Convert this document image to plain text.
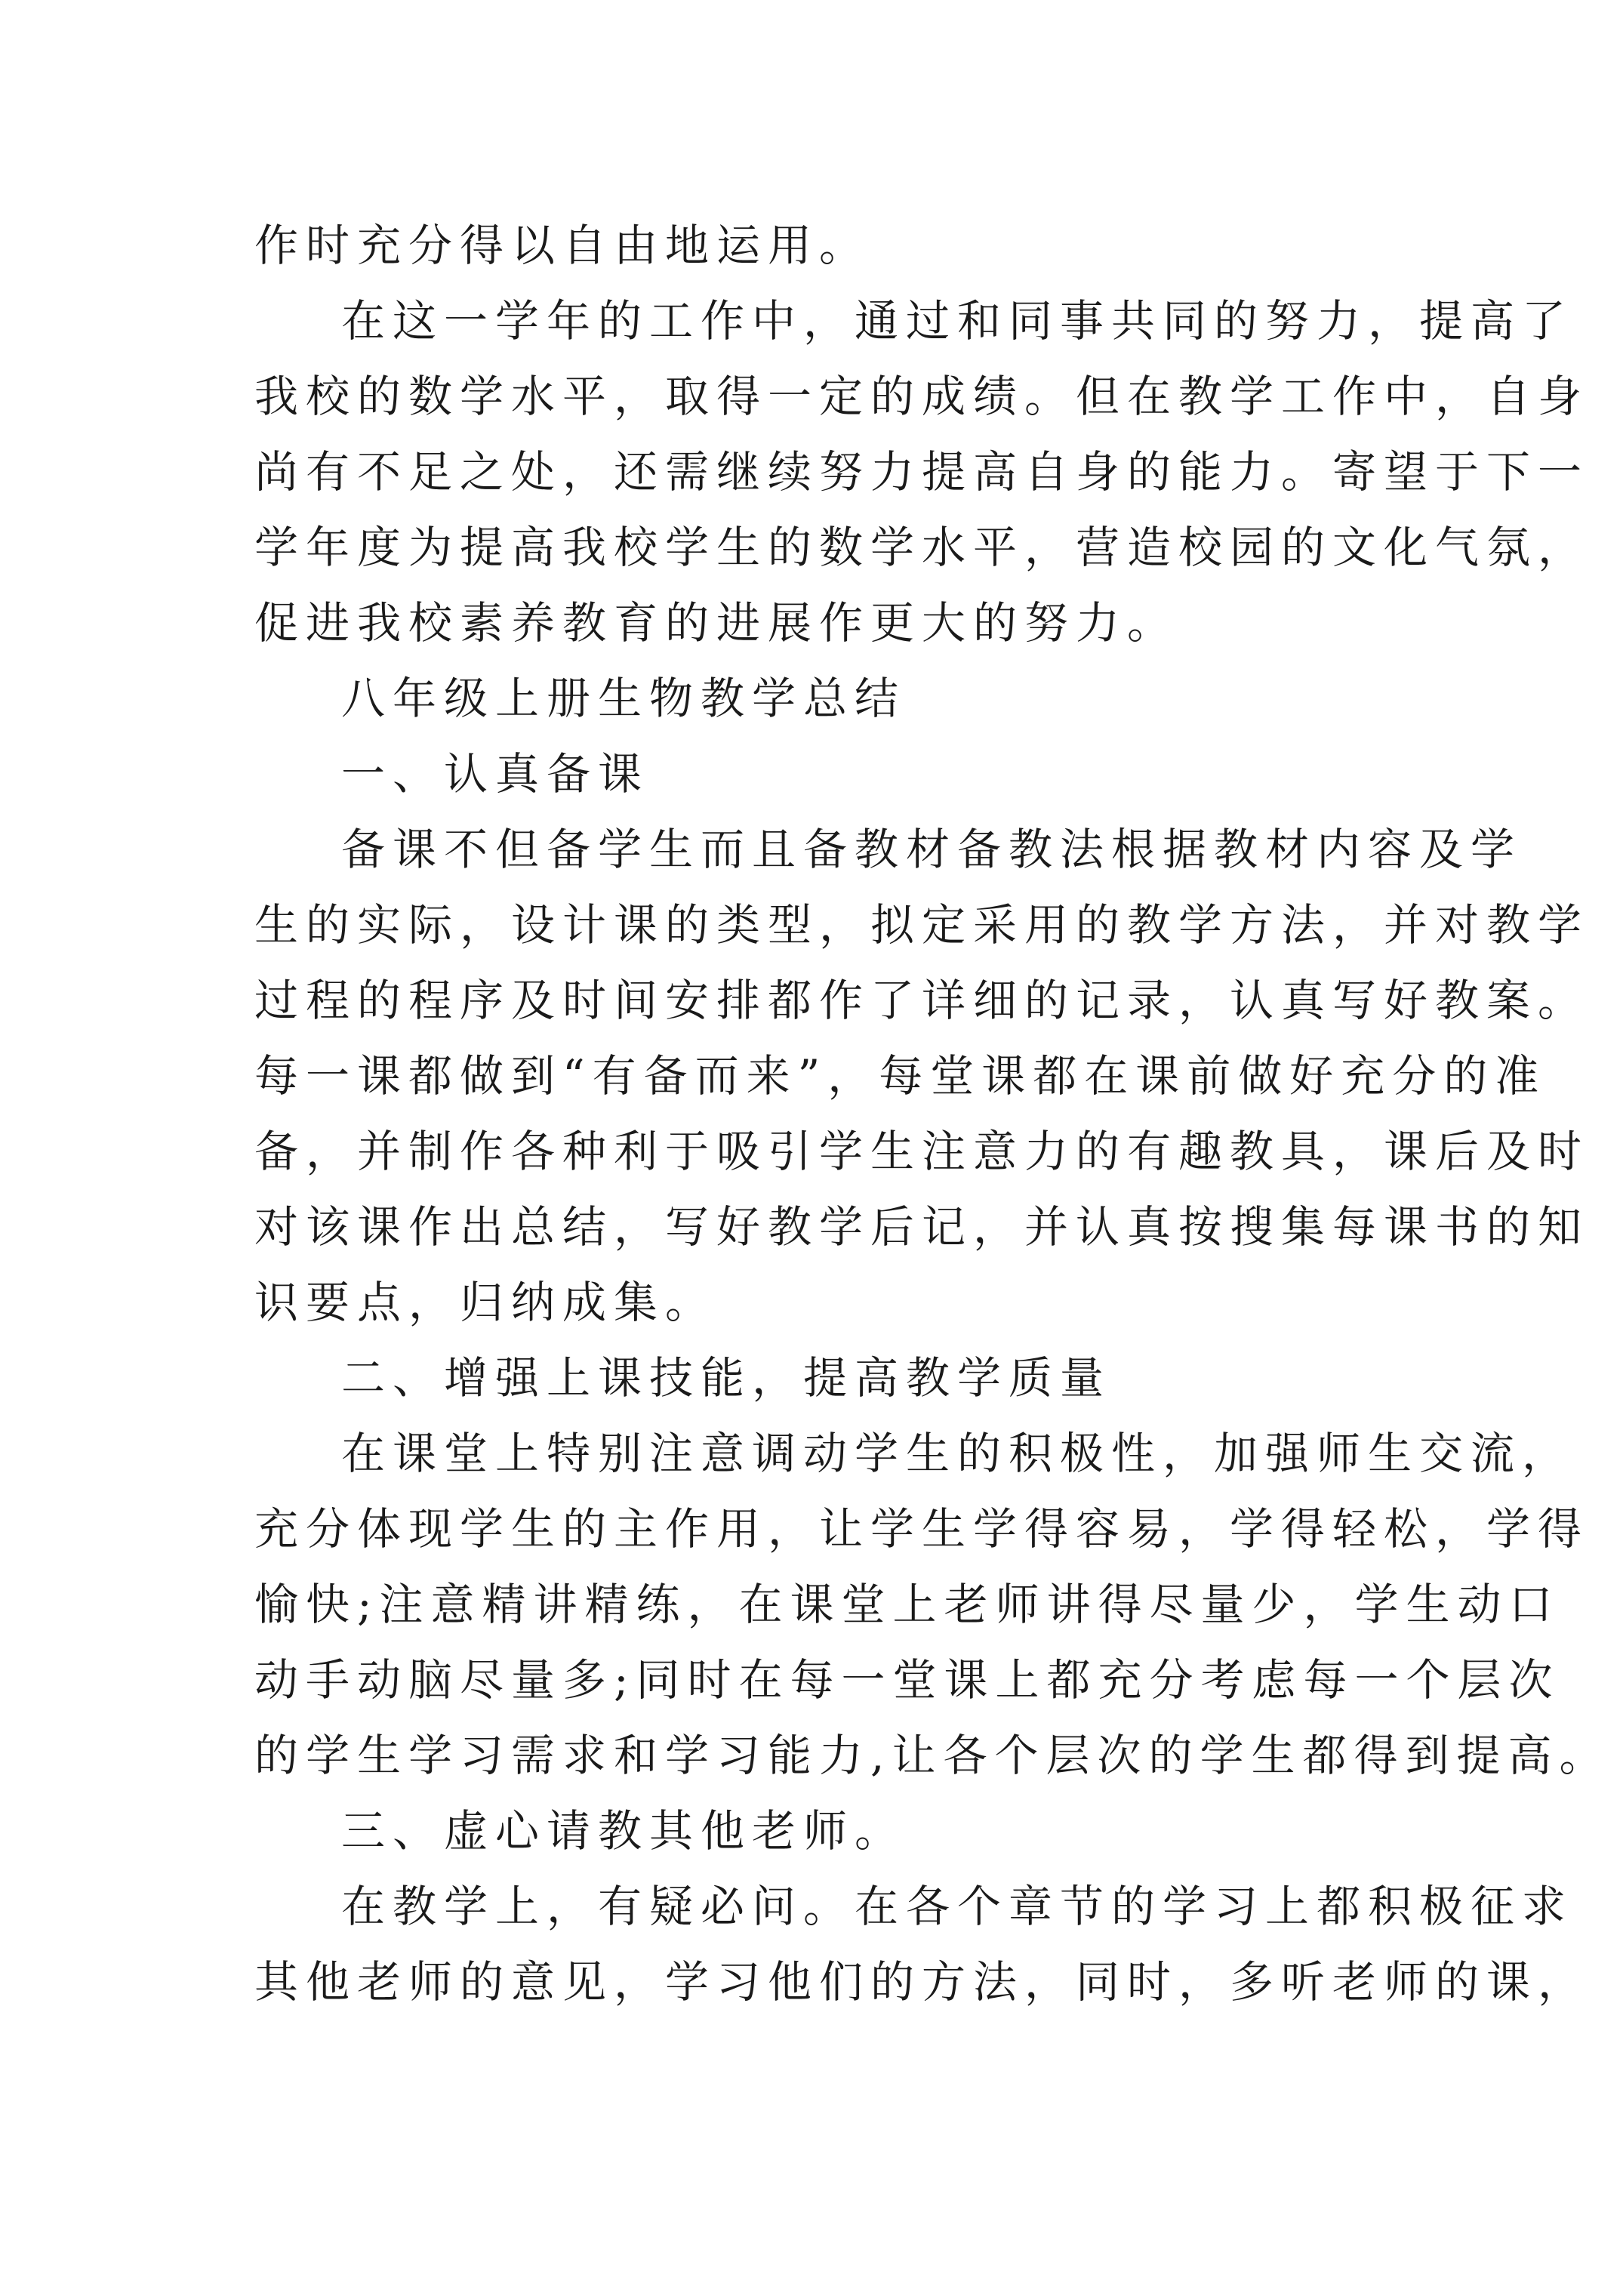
作时充分得以自由地运用。

在这一学年的工作中，通过和同事共同的努力，提高了

我校的数学水平，取得一定的成绩。但在教学工作中，自身

尚有不足之处，还需继续努力提高自身的能力。寄望于下一

学年度为提高我校学生的数学水平，营造校园的文化气氛，

促进我校素养教育的进展作更大的努力。

八年级上册生物教学总结

一、认真备课

备课不但备学生而且备教材备教法根据教材内容及学

生的实际，设计课的类型，拟定采用的教学方法，并对教学

过程的程序及时间安排都作了详细的记录，认真写好教案。

每一课都做到“有备而来”，每堂课都在课前做好充分的准

备，并制作各种利于吸引学生注意力的有趣教具，课后及时

对该课作出总结，写好教学后记，并认真按搜集每课书的知

识要点，归纳成集。

二、增强上课技能，提高教学质量

在课堂上特别注意调动学生的积极性，加强师生交流，

充分体现学生的主作用，让学生学得容易，学得轻松，学得

愉快;注意精讲精练，在课堂上老师讲得尽量少，学生动口

动手动脑尽量多;同时在每一堂课上都充分考虑每一个层次

的学生学习需求和学习能力,让各个层次的学生都得到提高。

三、虚心请教其他老师。

在教学上，有疑必问。在各个章节的学习上都积极征求

其他老师的意见，学习他们的方法，同时，多听老师的课，
